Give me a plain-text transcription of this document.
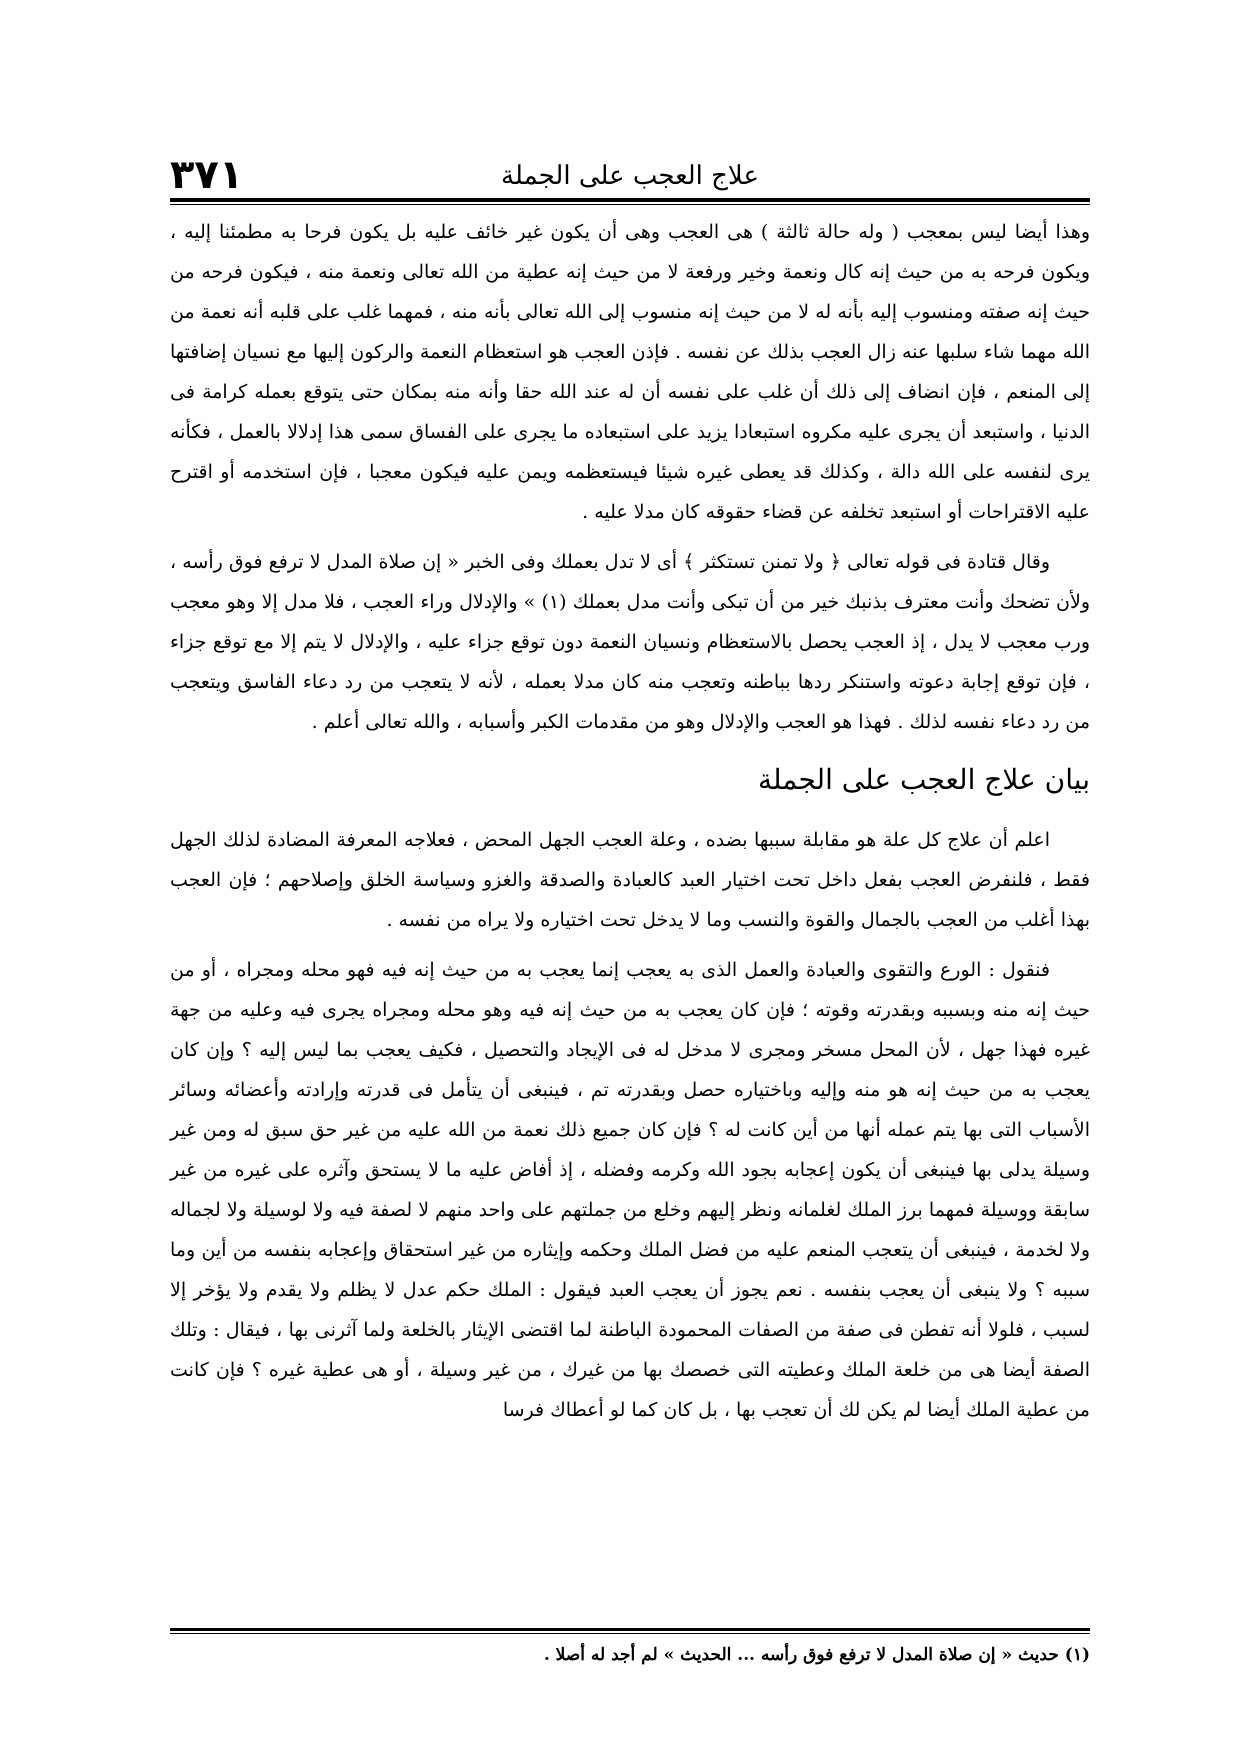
٣٧١	علاج العجب على الجملة

وهذا أيضا ليس بمعجب ( وله حالة ثالثة ) هى العجب وهى أن يكون غير خائف عليه بل يكون فرحا به مطمئنا إليه ، ويكون فرحه به من حيث إنه كال ونعمة وخير ورفعة لا من حيث إنه عطية من الله تعالى ونعمة منه ، فيكون فرحه من حيث إنه صفته ومنسوب إليه بأنه له لا من حيث إنه منسوب إلى الله تعالى بأنه منه ، فمهما غلب على قلبه أنه نعمة من الله مهما شاء سلبها عنه زال العجب بذلك عن نفسه . فإذن العجب هو استعظام النعمة والركون إليها مع نسيان إضافتها إلى المنعم ، فإن انضاف إلى ذلك أن غلب على نفسه أن له عند الله حقا وأنه منه بمكان حتى يتوقع بعمله كرامة فى الدنيا ، واستبعد أن يجرى عليه مكروه استبعادا يزيد على استبعاده ما يجرى على الفساق سمى هذا إدلالا بالعمل ، فكأنه يرى لنفسه على الله دالة ، وكذلك قد يعطى غيره شيئا فيستعظمه ويمن عليه فيكون معجبا ، فإن استخدمه أو اقترح عليه الاقتراحات أو استبعد تخلفه عن قضاء حقوقه كان مدلا عليه .

وقال قتادة فى قوله تعالى ﴿ ولا تمنن تستكثر ﴾ أى لا تدل بعملك وفى الخبر « إن صلاة المدل لا ترفع فوق رأسه ، ولأن تضحك وأنت معترف بذنبك خير من أن تبكى وأنت مدل بعملك (١) » والإدلال وراء العجب ، فلا مدل إلا وهو معجب ورب معجب لا يدل ، إذ العجب يحصل بالاستعظام ونسيان النعمة دون توقع جزاء عليه ، والإدلال لا يتم إلا مع توقع جزاء ، فإن توقع إجابة دعوته واستنكر ردها بباطنه وتعجب منه كان مدلا بعمله ، لأنه لا يتعجب من رد دعاء الفاسق ويتعجب من رد دعاء نفسه لذلك . فهذا هو العجب والإدلال وهو من مقدمات الكبر وأسبابه ، والله تعالى أعلم .

بيان علاج العجب على الجملة

اعلم أن علاج كل علة هو مقابلة سببها بضده ، وعلة العجب الجهل المحض ، فعلاجه المعرفة المضادة لذلك الجهل فقط ، فلنفرض العجب بفعل داخل تحت اختيار العبد كالعبادة والصدقة والغزو وسياسة الخلق وإصلاحهم ؛ فإن العجب بهذا أغلب من العجب بالجمال والقوة والنسب وما لا يدخل تحت اختياره ولا يراه من نفسه .

فنقول : الورع والتقوى والعبادة والعمل الذى به يعجب إنما يعجب به من حيث إنه فيه فهو محله ومجراه ، أو من حيث إنه منه وبسببه وبقدرته وقوته ؛ فإن كان يعجب به من حيث إنه فيه وهو محله ومجراه يجرى فيه وعليه من جهة غيره فهذا جهل ، لأن المحل مسخر ومجرى لا مدخل له فى الإيجاد والتحصيل ، فكيف يعجب بما ليس إليه ؟ وإن كان يعجب به من حيث إنه هو منه وإليه وباختياره حصل وبقدرته تم ، فينبغى أن يتأمل فى قدرته وإرادته وأعضائه وسائر الأسباب التى بها يتم عمله أنها من أين كانت له ؟ فإن كان جميع ذلك نعمة من الله عليه من غير حق سبق له ومن غير وسيلة يدلى بها فينبغى أن يكون إعجابه بجود الله وكرمه وفضله ، إذ أفاض عليه ما لا يستحق وآثره على غيره من غير سابقة ووسيلة فمهما برز الملك لغلمانه ونظر إليهم وخلع من جملتهم على واحد منهم لا لصفة فيه ولا لوسيلة ولا لجماله ولا لخدمة ، فينبغى أن يتعجب المنعم عليه من فضل الملك وحكمه وإيثاره من غير استحقاق وإعجابه بنفسه من أين وما سببه ؟ ولا ينبغى أن يعجب بنفسه . نعم يجوز أن يعجب العبد فيقول : الملك حكم عدل لا يظلم ولا يقدم ولا يؤخر إلا لسبب ، فلولا أنه تفطن فى صفة من الصفات المحمودة الباطنة لما اقتضى الإيثار بالخلعة ولما آثرنى بها ، فيقال : وتلك الصفة أيضا هى من خلعة الملك وعطيته التى خصصك بها من غيرك ، من غير وسيلة ، أو هى عطية غيره ؟ فإن كانت من عطية الملك أيضا لم يكن لك أن تعجب بها ، بل كان كما لو أعطاك فرسا

(١) حديث « إن صلاة المدل لا ترفع فوق رأسه ... الحديث » لم أجد له أصلا .
